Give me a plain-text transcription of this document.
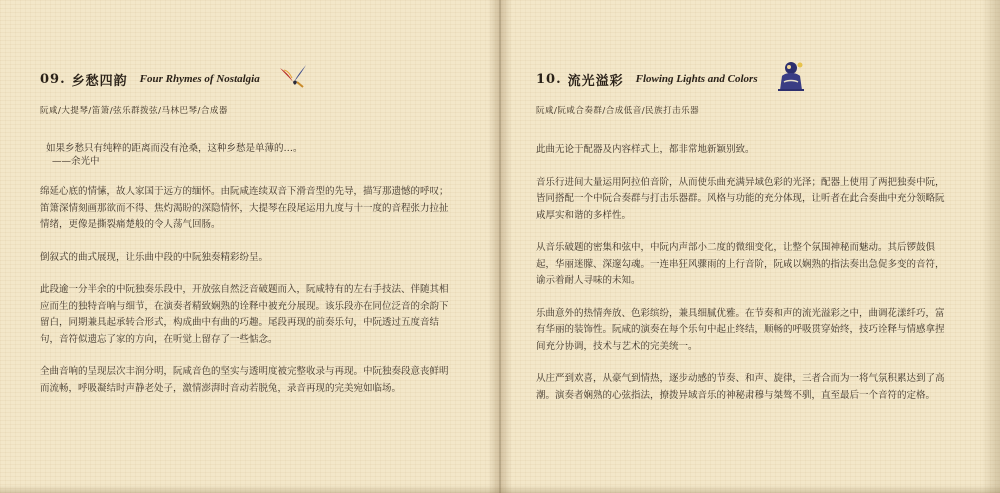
09. 乡愁四韵 Four Rhymes of Nostalgia
阮咸/大提琴/笛箫/弦乐群拨弦/马林巴琴/合成器
如果乡愁只有纯粹的距离而没有沧桑，这种乡愁是单薄的…。
——余光中

绵延心底的情愫，故人家国于远方的缅怀。由阮咸连续双音下滑音型的先导，描写那遗憾的呼叹；笛箫深情刻画那欲而不得、焦灼渴盼的深隐情怀，大提琴在段尾运用九度与十一度的音程张力拉扯情绪，更像是撕裂痛楚般的令人荡气回肠。

倒叙式的曲式展现，让乐曲中段的中阮独奏精彩纷呈。

此段逾一分半余的中阮独奏乐段中，开放弦自然泛音破题而入，阮咸特有的左右手技法、伴随其相应而生的独特音响与细节，在演奏者精致娴熟的诠释中被充分展现。该乐段亦在同位泛音的余韵下留白，同期兼具起承转合形式，构成曲中有曲的巧趣。尾段再现的前奏乐句，中阮透过五度音结句，音符似遗忘了家的方向，在听觉上留存了一些惦念。

全曲音响的呈现层次丰润分明，阮咸音色的坚实与透明度被完整收录与再现。中阮独奏段意丧鲜明而流畅，呼吸凝结时声静老处子，激情澎湃时音动若脱兔，录音再现的完美宛如临场。

10. 流光溢彩 Flowing Lights and Colors
阮咸/阮咸合奏群/合成低音/民族打击乐器

此曲无论于配器及内容样式上，都非常地新颖别致。

音乐行进间大量运用阿拉伯音阶，从而使乐曲充满异域色彩的光泽；配器上使用了两把独奏中阮，皆同搭配一个中阮合奏群与打击乐器群。风格与功能的充分体现，让听者在此合奏曲中充分领略阮咸厚实和谐的多样性。

从音乐破题的密集和弦中，中阮内声部小二度的微细变化，让整个氛围神秘而魅动。其后锣鼓俱起，华丽迷朦、深邃勾魂。一连串狂风骤雨的上行音阶，阮咸以娴熟的指法奏出急促多变的音符，谕示着耐人寻味的未知。

乐曲意外的热情奔放、色彩缤纷，兼具细腻优雅。在节奏和声的流光溢彩之中，曲调花漾纤巧，富有华丽的装饰性。阮咸的演奏在每个乐句中起止终结，顺畅的呼吸贯穿始终，技巧诠释与情感拿捏间充分协调，技术与艺术的完美统一。

从庄严到欢喜，从豪气到情热，逐步动感的节奏、和声、旋律，三者合而为一将气氛积累达到了高潮。演奏者娴熟的心弦指法，撩拨异域音乐的神秘肃穆与桀骜不驯，直至最后一个音符的定格。
